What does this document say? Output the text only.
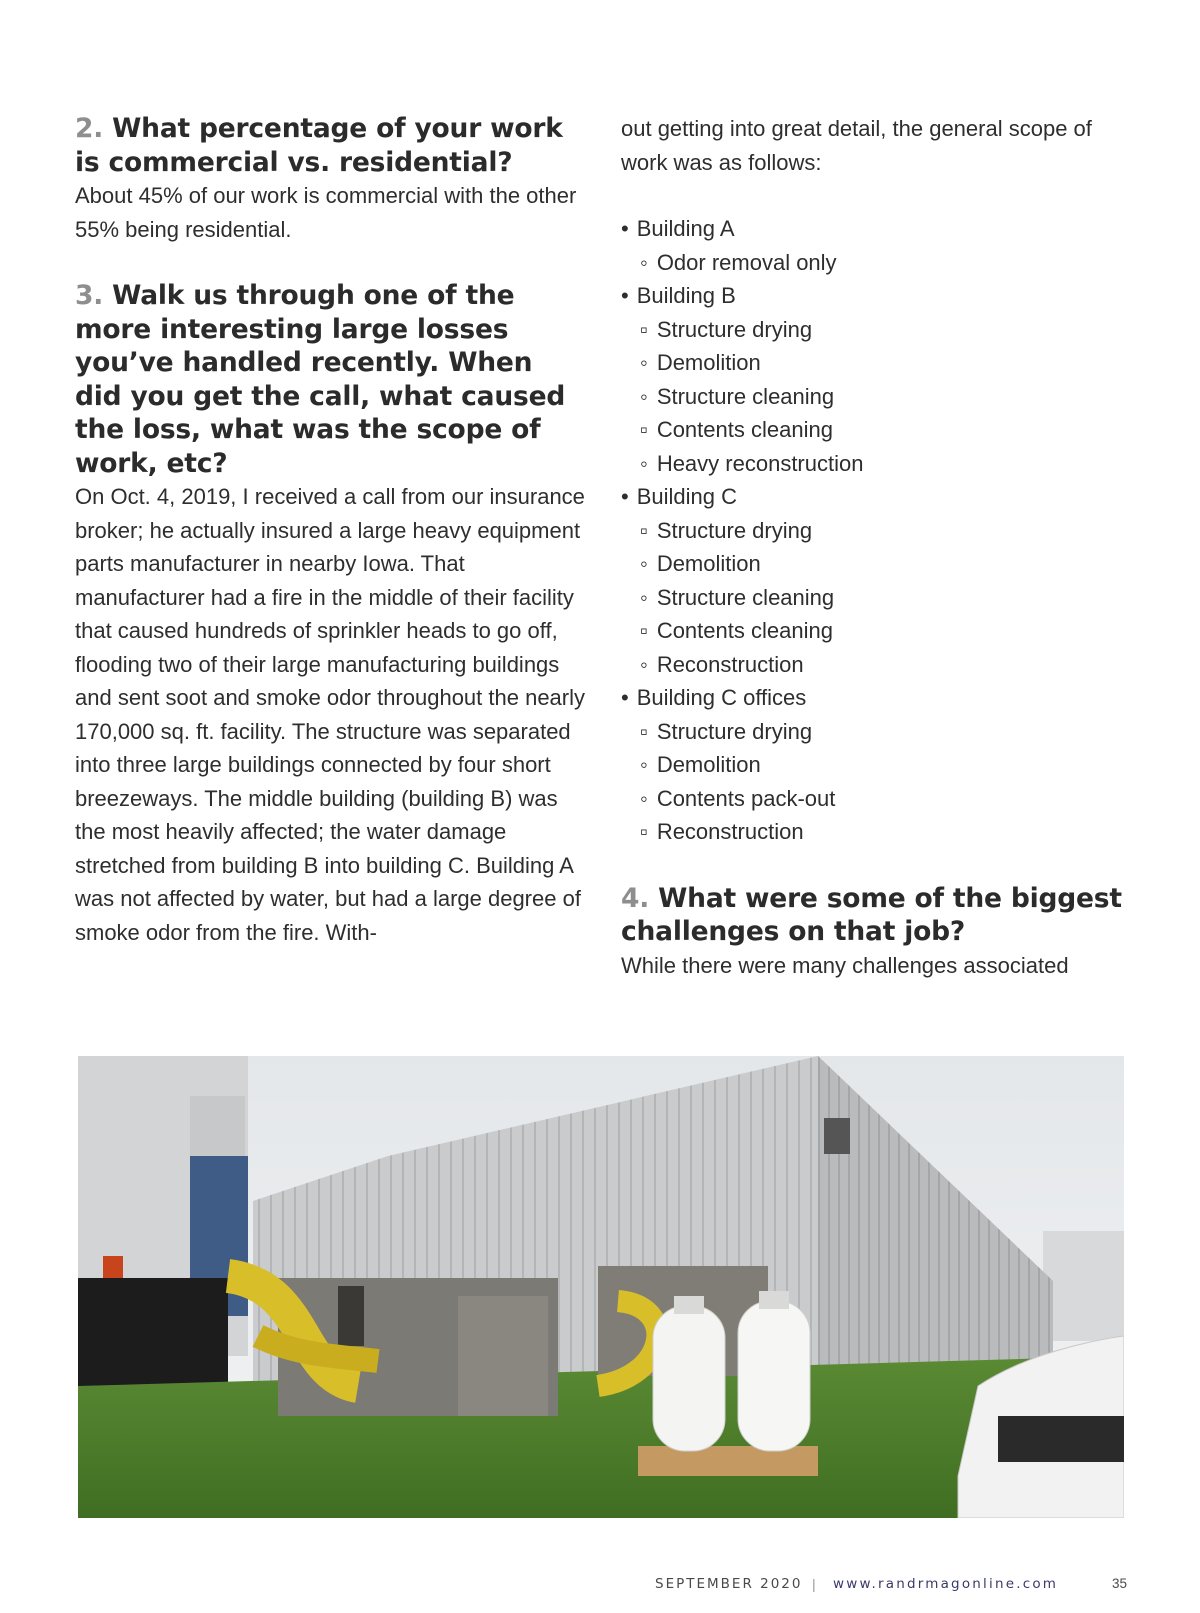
2. What percentage of your work is commercial vs. residential?

About 45% of our work is commercial with the other 55% being residential.

3. Walk us through one of the more interesting large losses you’ve handled recently. When did you get the call, what caused the loss, what was the scope of work, etc?

On Oct. 4, 2019, I received a call from our insurance broker; he actually insured a large heavy equipment parts manufacturer in nearby Iowa. That manufacturer had a fire in the middle of their facility that caused hundreds of sprinkler heads to go off, flooding two of their large manufacturing buildings and sent soot and smoke odor throughout the nearly 170,000 sq. ft. facility. The structure was separated into three large buildings connected by four short breezeways. The middle building (building B) was the most heavily affected; the water damage stretched from building B into building C. Building A was not affected by water, but had a large degree of smoke odor from the fire. With-

out getting into great detail, the general scope of work was as follows:

• Building A
◦ Odor removal only
• Building B
▫ Structure drying
◦ Demolition
◦ Structure cleaning
▫ Contents cleaning
◦ Heavy reconstruction
• Building C
▫ Structure drying
◦ Demolition
◦ Structure cleaning
▫ Contents cleaning
◦ Reconstruction
• Building C offices
▫ Structure drying
◦ Demolition
◦ Contents pack-out
▫ Reconstruction
4. What were some of the biggest challenges on that job?

While there were many challenges associated

SEPTEMBER 2020 | www.randrmagonline.com	35
